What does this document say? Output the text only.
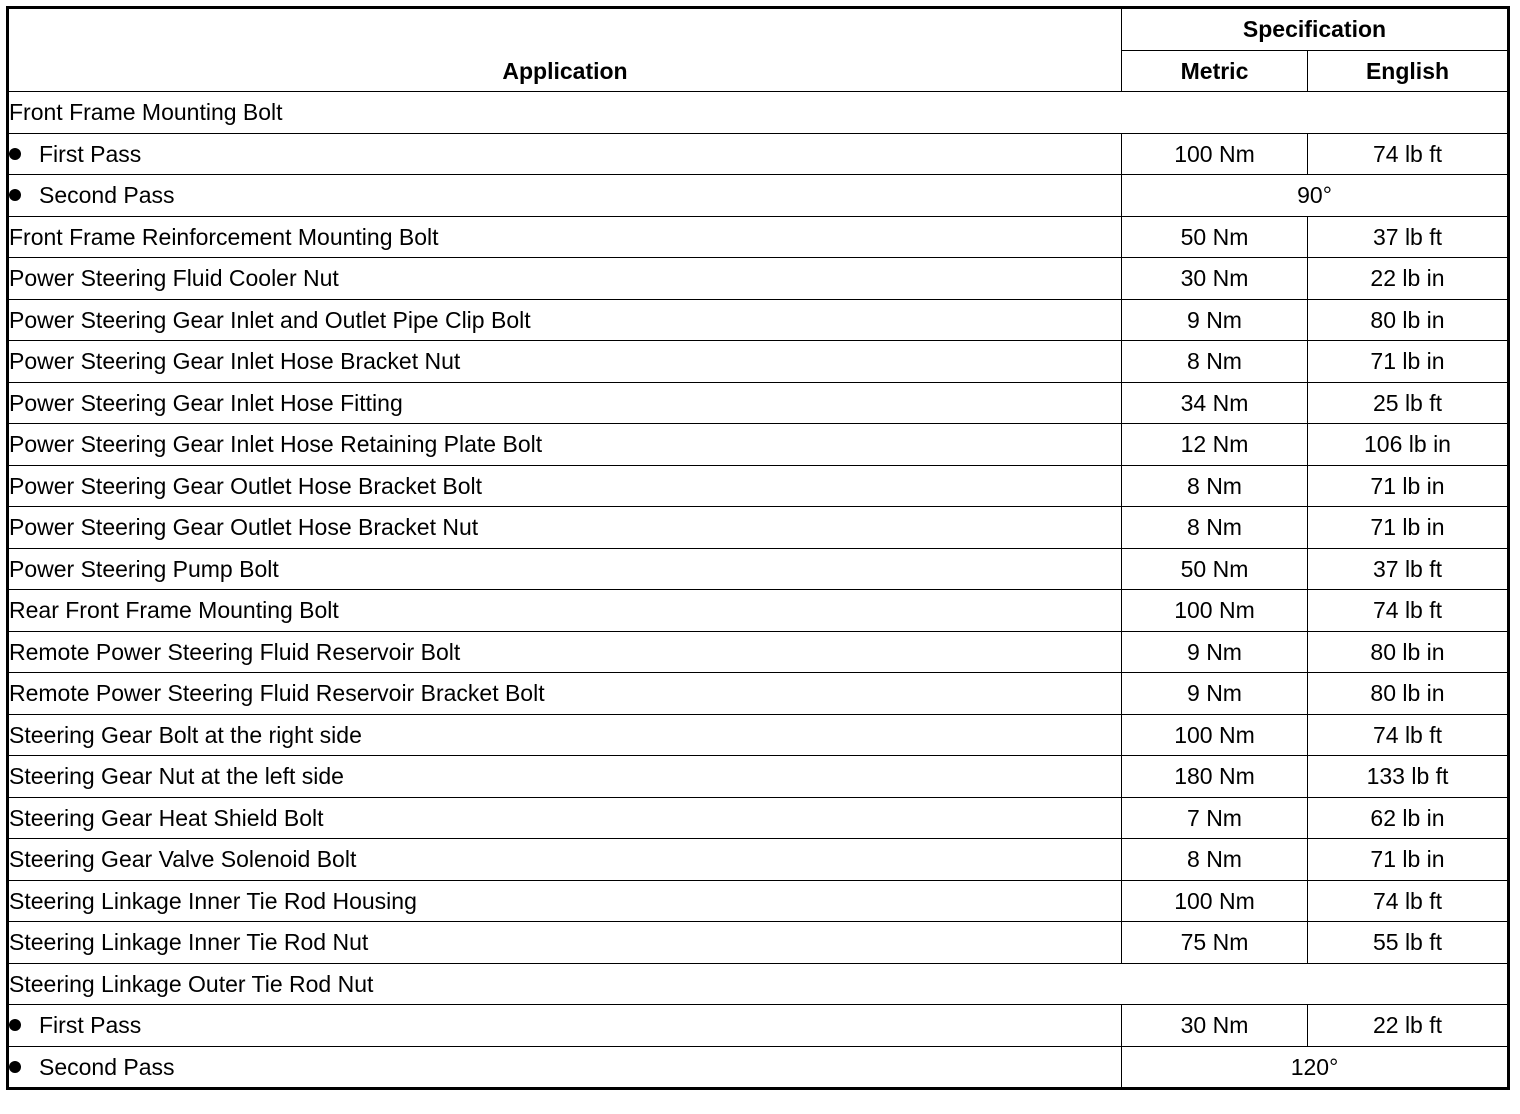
Application	Specification	
	Metric	English
Front Frame Mounting Bolt		
First Pass	100 Nm	74 lb ft
Second Pass	90°	
Front Frame Reinforcement Mounting Bolt	50 Nm	37 lb ft
Power Steering Fluid Cooler Nut	30 Nm	22 lb in
Power Steering Gear Inlet and Outlet Pipe Clip Bolt	9 Nm	80 lb in
Power Steering Gear Inlet Hose Bracket Nut	8 Nm	71 lb in
Power Steering Gear Inlet Hose Fitting	34 Nm	25 lb ft
Power Steering Gear Inlet Hose Retaining Plate Bolt	12 Nm	106 lb in
Power Steering Gear Outlet Hose Bracket Bolt	8 Nm	71 lb in
Power Steering Gear Outlet Hose Bracket Nut	8 Nm	71 lb in
Power Steering Pump Bolt	50 Nm	37 lb ft
Rear Front Frame Mounting Bolt	100 Nm	74 lb ft
Remote Power Steering Fluid Reservoir Bolt	9 Nm	80 lb in
Remote Power Steering Fluid Reservoir Bracket Bolt	9 Nm	80 lb in
Steering Gear Bolt at the right side	100 Nm	74 lb ft
Steering Gear Nut at the left side	180 Nm	133 lb ft
Steering Gear Heat Shield Bolt	7 Nm	62 lb in
Steering Gear Valve Solenoid Bolt	8 Nm	71 lb in
Steering Linkage Inner Tie Rod Housing	100 Nm	74 lb ft
Steering Linkage Inner Tie Rod Nut	75 Nm	55 lb ft
Steering Linkage Outer Tie Rod Nut		
First Pass	30 Nm	22 lb ft
Second Pass	120°	
